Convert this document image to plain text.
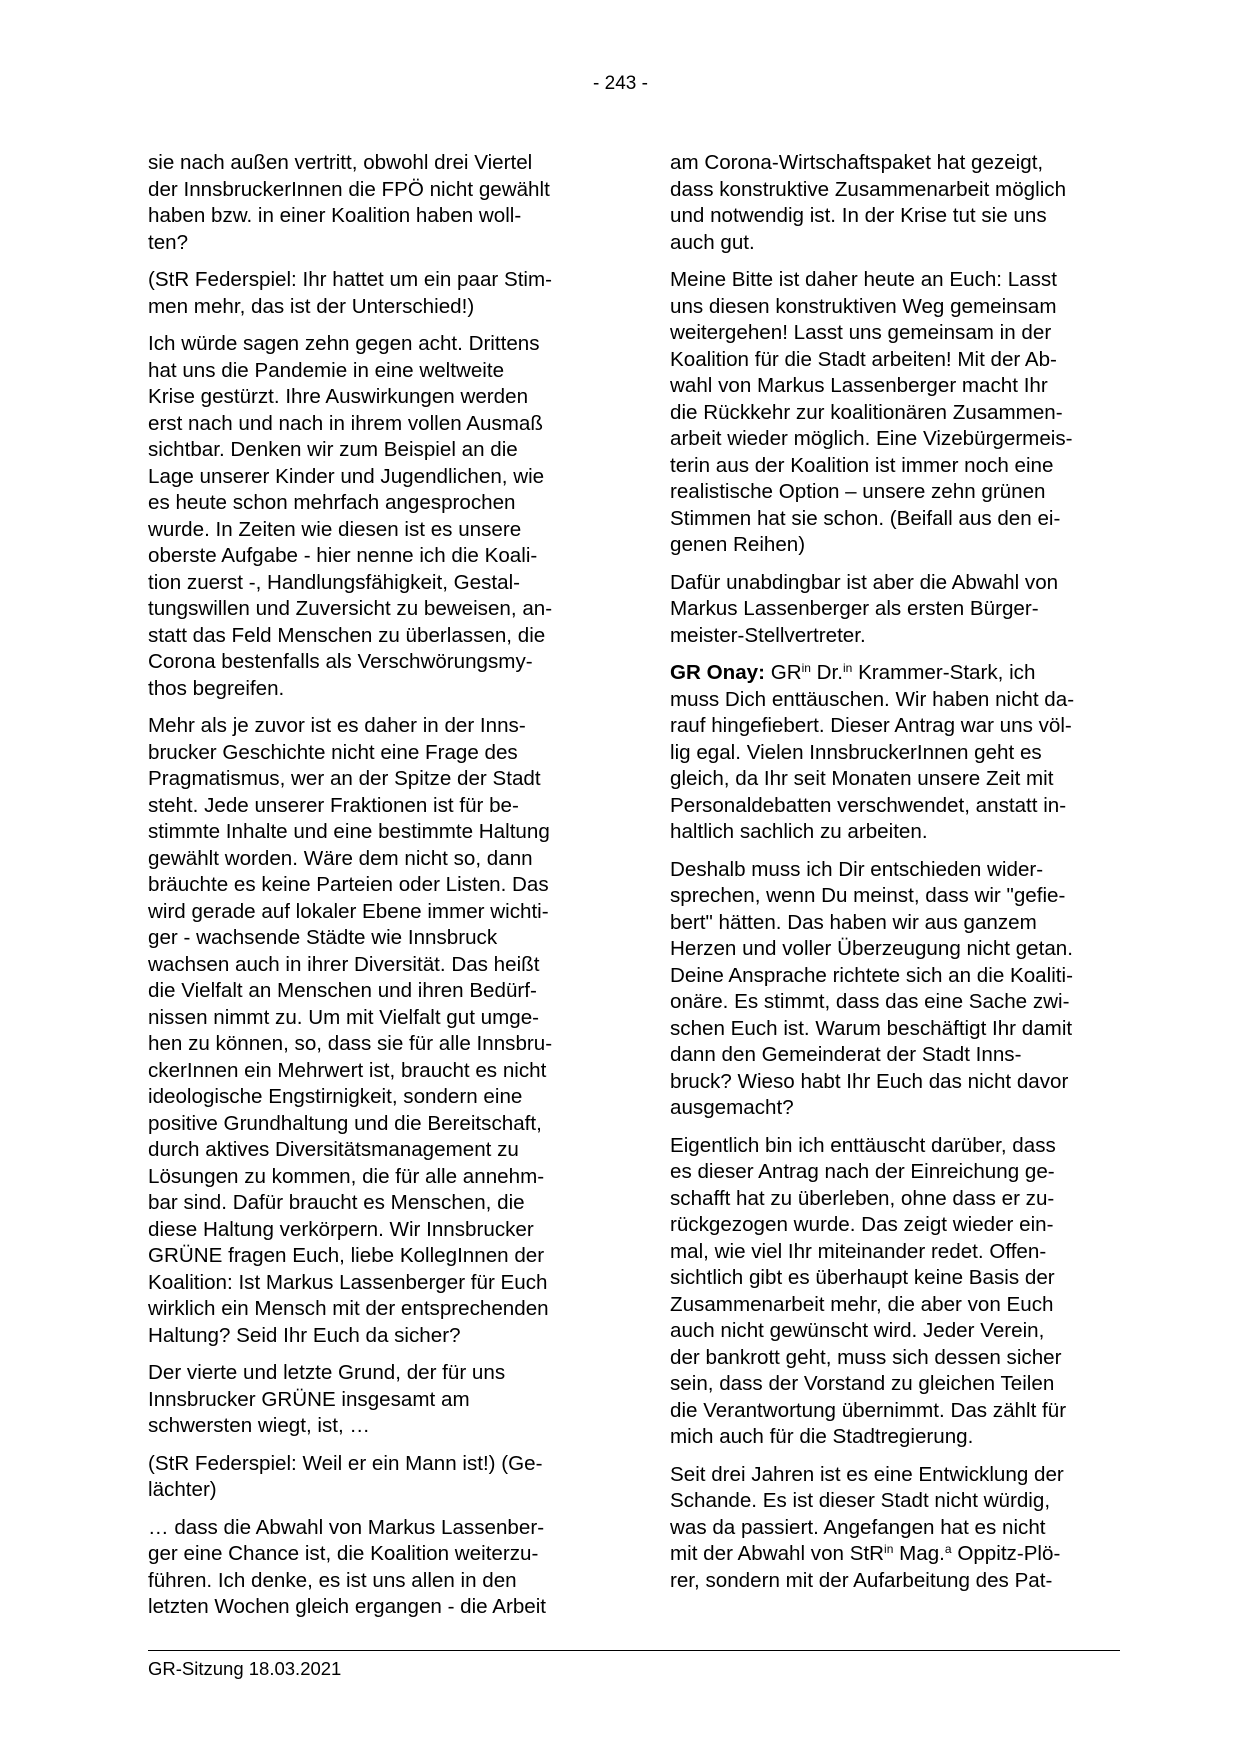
- 243 -

sie nach außen vertritt, obwohl drei Viertel
der InnsbruckerInnen die FPÖ nicht gewählt
haben bzw. in einer Koalition haben woll-
ten?

(StR Federspiel: Ihr hattet um ein paar Stim-
men mehr, das ist der Unterschied!)

Ich würde sagen zehn gegen acht. Drittens
hat uns die Pandemie in eine weltweite
Krise gestürzt. Ihre Auswirkungen werden
erst nach und nach in ihrem vollen Ausmaß
sichtbar. Denken wir zum Beispiel an die
Lage unserer Kinder und Jugendlichen, wie
es heute schon mehrfach angesprochen
wurde. In Zeiten wie diesen ist es unsere
oberste Aufgabe - hier nenne ich die Koali-
tion zuerst -, Handlungsfähigkeit, Gestal-
tungswillen und Zuversicht zu beweisen, an-
statt das Feld Menschen zu überlassen, die
Corona bestenfalls als Verschwörungsmy-
thos begreifen.

Mehr als je zuvor ist es daher in der Inns-
brucker Geschichte nicht eine Frage des
Pragmatismus, wer an der Spitze der Stadt
steht. Jede unserer Fraktionen ist für be-
stimmte Inhalte und eine bestimmte Haltung
gewählt worden. Wäre dem nicht so, dann
bräuchte es keine Parteien oder Listen. Das
wird gerade auf lokaler Ebene immer wichti-
ger - wachsende Städte wie Innsbruck
wachsen auch in ihrer Diversität. Das heißt
die Vielfalt an Menschen und ihren Bedürf-
nissen nimmt zu. Um mit Vielfalt gut umge-
hen zu können, so, dass sie für alle Innsbru-
ckerInnen ein Mehrwert ist, braucht es nicht
ideologische Engstirnigkeit, sondern eine
positive Grundhaltung und die Bereitschaft,
durch aktives Diversitätsmanagement zu
Lösungen zu kommen, die für alle annehm-
bar sind. Dafür braucht es Menschen, die
diese Haltung verkörpern. Wir Innsbrucker
GRÜNE fragen Euch, liebe KollegInnen der
Koalition: Ist Markus Lassenberger für Euch
wirklich ein Mensch mit der entsprechenden
Haltung? Seid Ihr Euch da sicher?

Der vierte und letzte Grund, der für uns
Innsbrucker GRÜNE insgesamt am
schwersten wiegt, ist, …

(StR Federspiel: Weil er ein Mann ist!) (Ge-
lächter)

… dass die Abwahl von Markus Lassenber-
ger eine Chance ist, die Koalition weiterzu-
führen. Ich denke, es ist uns allen in den
letzten Wochen gleich ergangen - die Arbeit

am Corona-Wirtschaftspaket hat gezeigt,
dass konstruktive Zusammenarbeit möglich
und notwendig ist. In der Krise tut sie uns
auch gut.

Meine Bitte ist daher heute an Euch: Lasst
uns diesen konstruktiven Weg gemeinsam
weitergehen! Lasst uns gemeinsam in der
Koalition für die Stadt arbeiten! Mit der Ab-
wahl von Markus Lassenberger macht Ihr
die Rückkehr zur koalitionären Zusammen-
arbeit wieder möglich. Eine Vizebürgermeis-
terin aus der Koalition ist immer noch eine
realistische Option – unsere zehn grünen
Stimmen hat sie schon. (Beifall aus den ei-
genen Reihen)

Dafür unabdingbar ist aber die Abwahl von
Markus Lassenberger als ersten Bürger-
meister-Stellvertreter.

GR Onay: $GR^{in}$ Dr.$^{in}$ Krammer-Stark, ich
muss Dich enttäuschen. Wir haben nicht da-
rauf hingefiebert. Dieser Antrag war uns völ-
lig egal. Vielen InnsbruckerInnen geht es
gleich, da Ihr seit Monaten unsere Zeit mit
Personaldebatten verschwendet, anstatt in-
haltlich sachlich zu arbeiten.

Deshalb muss ich Dir entschieden wider-
sprechen, wenn Du meinst, dass wir "gefie-
bert" hätten. Das haben wir aus ganzem
Herzen und voller Überzeugung nicht getan.
Deine Ansprache richtete sich an die Koaliti-
onäre. Es stimmt, dass das eine Sache zwi-
schen Euch ist. Warum beschäftigt Ihr damit
dann den Gemeinderat der Stadt Inns-
bruck? Wieso habt Ihr Euch das nicht davor
ausgemacht?

Eigentlich bin ich enttäuscht darüber, dass
es dieser Antrag nach der Einreichung ge-
schafft hat zu überleben, ohne dass er zu-
rückgezogen wurde. Das zeigt wieder ein-
mal, wie viel Ihr miteinander redet. Offen-
sichtlich gibt es überhaupt keine Basis der
Zusammenarbeit mehr, die aber von Euch
auch nicht gewünscht wird. Jeder Verein,
der bankrott geht, muss sich dessen sicher
sein, dass der Vorstand zu gleichen Teilen
die Verantwortung übernimmt. Das zählt für
mich auch für die Stadtregierung.

Seit drei Jahren ist es eine Entwicklung der
Schande. Es ist dieser Stadt nicht würdig,
was da passiert. Angefangen hat es nicht
mit der Abwahl von StR$^{in}$ Mag.$^a$ Oppitz-Plö-
rer, sondern mit der Aufarbeitung des Pat-

GR-Sitzung 18.03.2021
